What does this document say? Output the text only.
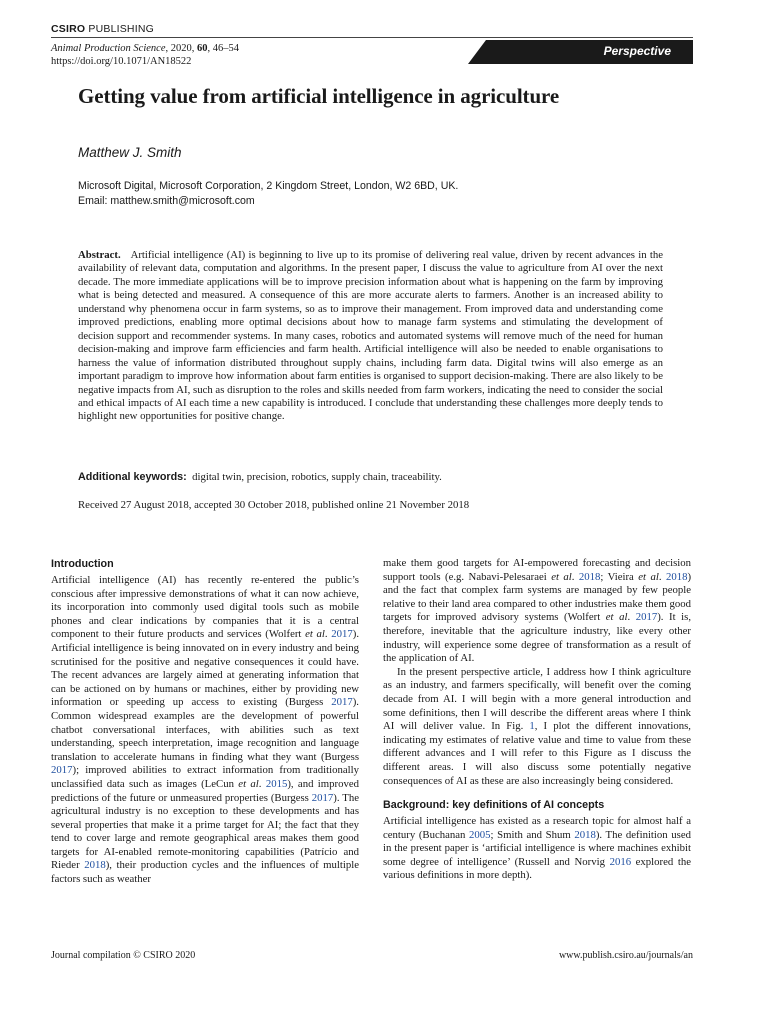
CSIRO PUBLISHING
Animal Production Science, 2020, 60, 46–54
https://doi.org/10.1071/AN18522
Perspective
Getting value from artificial intelligence in agriculture
Matthew J. Smith
Microsoft Digital, Microsoft Corporation, 2 Kingdom Street, London, W2 6BD, UK.
Email: matthew.smith@microsoft.com
Abstract. Artificial intelligence (AI) is beginning to live up to its promise of delivering real value, driven by recent advances in the availability of relevant data, computation and algorithms. In the present paper, I discuss the value to agriculture from AI over the next decade. The more immediate applications will be to improve precision information about what is happening on the farm by improving what is being detected and measured. A consequence of this are more accurate alerts to farmers. Another is an increased ability to understand why phenomena occur in farm systems, so as to improve their management. From improved data and understanding come improved predictions, enabling more optimal decisions about how to manage farm systems and stimulating the development of decision support and recommender systems. In many cases, robotics and automated systems will remove much of the need for human decision-making and improve farm efficiencies and farm health. Artificial intelligence will also be needed to enable organisations to harness the value of information distributed throughout supply chains, including farm data. Digital twins will also emerge as an important paradigm to improve how information about farm entities is organised to support decision-making. There are also likely to be negative impacts from AI, such as disruption to the roles and skills needed from farm workers, indicating the need to consider the social and ethical impacts of AI each time a new capability is introduced. I conclude that understanding these challenges more deeply tends to highlight new opportunities for positive change.
Additional keywords: digital twin, precision, robotics, supply chain, traceability.
Received 27 August 2018, accepted 30 October 2018, published online 21 November 2018
Introduction

Artificial intelligence (AI) has recently re-entered the public’s conscious after impressive demonstrations of what it can now achieve, its incorporation into commonly used digital tools such as mobile phones and clear indications by companies that it is a central component to their future products and services (Wolfert et al. 2017). Artificial intelligence is being innovated on in every industry and being scrutinised for the positive and negative consequences it could have. The recent advances are largely aimed at generating information that can be actioned on by humans or machines, either by providing new information or speeding up access to existing (Burgess 2017). Common widespread examples are the development of powerful chatbot conversational interfaces, with abilities such as text understanding, speech interpretation, image recognition and language translation to accelerate humans in finding what they want (Burgess 2017); improved abilities to extract information from traditionally unclassified data such as images (LeCun et al. 2015), and improved predictions of the future or unmeasured properties (Burgess 2017). The agricultural industry is no exception to these developments and has several properties that make it a prime target for AI; the fact that they tend to cover large and remote geographical areas makes them good targets for AI-enabled remote-monitoring capabilities (Patrício and Rieder 2018), their production cycles and the influences of multiple factors such as weather

make them good targets for AI-empowered forecasting and decision support tools (e.g. Nabavi-Pelesaraei et al. 2018; Vieira et al. 2018) and the fact that complex farm systems are managed by few people relative to their land area compared to other industries make them good targets for improved advisory systems (Wolfert et al. 2017). It is, therefore, inevitable that the agriculture industry, like every other industry, will experience some degree of transformation as a result of the application of AI.

In the present perspective article, I address how I think agriculture as an industry, and farmers specifically, will benefit over the coming decade from AI. I will begin with a more general introduction and some definitions, then I will describe the different areas where I think AI will deliver value. In Fig. 1, I plot the different innovations, indicating my estimates of relative value and time to value from these different advances and I will refer to this Figure as I discuss the different areas. I will also discuss some potentially negative consequences of AI as these are also increasingly being considered.

Background: key definitions of AI concepts

Artificial intelligence has existed as a research topic for almost half a century (Buchanan 2005; Smith and Shum 2018). The definition used in the present paper is ‘artificial intelligence is where machines exhibit some degree of intelligence’ (Russell and Norvig 2016 explored the various definitions in more depth).

Journal compilation © CSIRO 2020	www.publish.csiro.au/journals/an
